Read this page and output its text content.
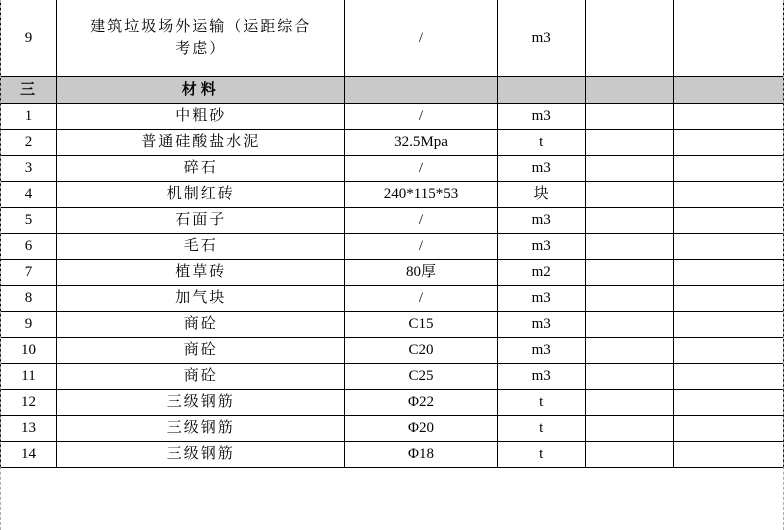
9	建筑垃圾场外运输（运距综合考虑）	/	m3		
三	材料				
1	中粗砂	/	m3		
2	普通硅酸盐水泥	32.5Mpa	t		
3	碎石	/	m3		
4	机制红砖	240*115*53	块		
5	石面子	/	m3		
6	毛石	/	m3		
7	植草砖	80厚	m2		
8	加气块	/	m3		
9	商砼	C15	m3		
10	商砼	C20	m3		
11	商砼	C25	m3		
12	三级钢筋	Φ22	t		
13	三级钢筋	Φ20	t		
14	三级钢筋	Φ18	t		
